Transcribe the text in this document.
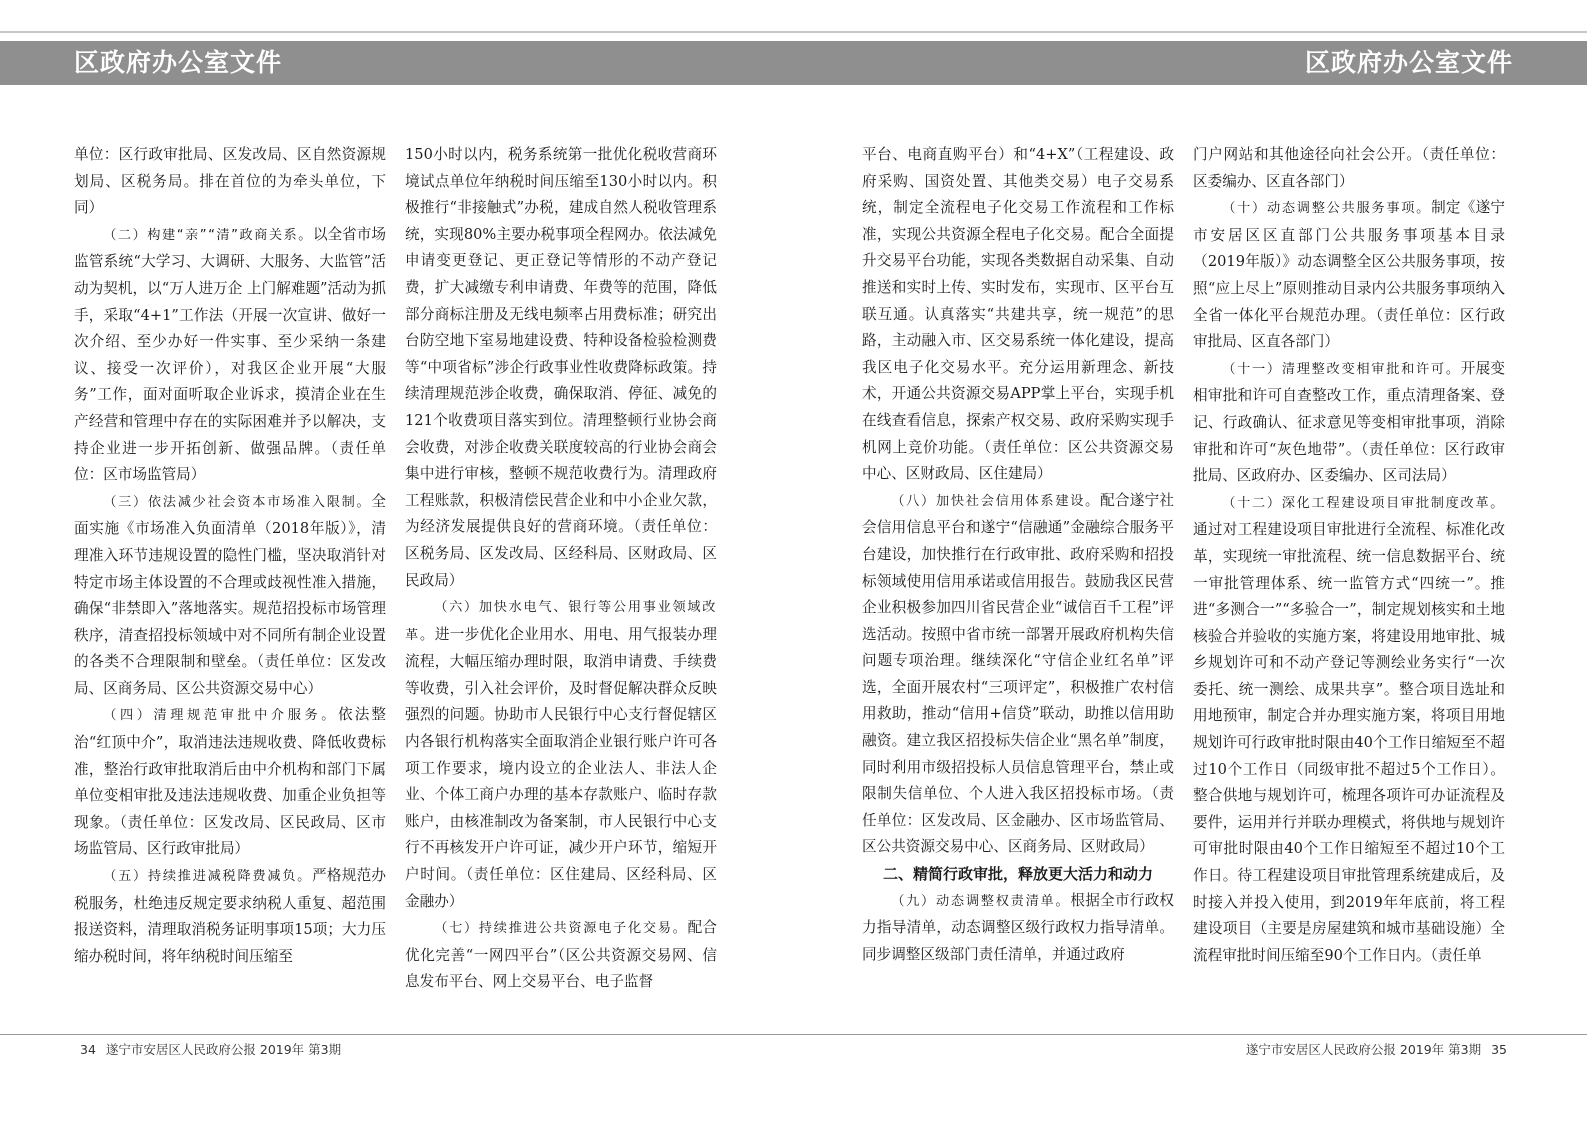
区政府办公室文件	区政府办公室文件

单位：区行政审批局、区发改局、区自然资源规划局、区税务局。排在首位的为牵头单位，下同）

（二）构建“亲”“清”政商关系。以全省市场监管系统“大学习、大调研、大服务、大监管”活动为契机，以“万人进万企 上门解难题”活动为抓手，采取“4+1”工作法（开展一次宣讲、做好一次介绍、至少办好一件实事、至少采纳一条建议、接受一次评价），对我区企业开展“大服务”工作，面对面听取企业诉求，摸清企业在生产经营和管理中存在的实际困难并予以解决，支持企业进一步开拓创新、做强品牌。（责任单位：区市场监管局）

（三）依法减少社会资本市场准入限制。全面实施《市场准入负面清单（2018年版）》，清理准入环节违规设置的隐性门槛，坚决取消针对特定市场主体设置的不合理或歧视性准入措施，确保“非禁即入”落地落实。规范招投标市场管理秩序，清查招投标领域中对不同所有制企业设置的各类不合理限制和壁垒。（责任单位：区发改局、区商务局、区公共资源交易中心）

（四）清理规范审批中介服务。依法整治“红顶中介”，取消违法违规收费、降低收费标准，整治行政审批取消后由中介机构和部门下属单位变相审批及违法违规收费、加重企业负担等现象。（责任单位：区发改局、区民政局、区市场监管局、区行政审批局）

（五）持续推进减税降费减负。严格规范办税服务，杜绝违反规定要求纳税人重复、超范围报送资料，清理取消税务证明事项15项；大力压缩办税时间，将年纳税时间压缩至

150小时以内，税务系统第一批优化税收营商环境试点单位年纳税时间压缩至130小时以内。积极推行“非接触式”办税，建成自然人税收管理系统，实现80%主要办税事项全程网办。依法减免申请变更登记、更正登记等情形的不动产登记费，扩大减缴专利申请费、年费等的范围，降低部分商标注册及无线电频率占用费标准；研究出台防空地下室易地建设费、特种设备检验检测费等“中项省标”涉企行政事业性收费降标政策。持续清理规范涉企收费，确保取消、停征、减免的121个收费项目落实到位。清理整顿行业协会商会收费，对涉企收费关联度较高的行业协会商会集中进行审核，整顿不规范收费行为。清理政府工程账款，积极清偿民营企业和中小企业欠款，为经济发展提供良好的营商环境。（责任单位：区税务局、区发改局、区经科局、区财政局、区民政局）

（六）加快水电气、银行等公用事业领域改革。进一步优化企业用水、用电、用气报装办理流程，大幅压缩办理时限，取消申请费、手续费等收费，引入社会评价，及时督促解决群众反映强烈的问题。协助市人民银行中心支行督促辖区内各银行机构落实全面取消企业银行账户许可各项工作要求，境内设立的企业法人、非法人企业、个体工商户办理的基本存款账户、临时存款账户，由核准制改为备案制，市人民银行中心支行不再核发开户许可证，减少开户环节，缩短开户时间。（责任单位：区住建局、区经科局、区金融办）

（七）持续推进公共资源电子化交易。配合优化完善“一网四平台”（区公共资源交易网、信息发布平台、网上交易平台、电子监督

平台、电商直购平台）和“4+X”（工程建设、政府采购、国资处置、其他类交易）电子交易系统，制定全流程电子化交易工作流程和工作标准，实现公共资源全程电子化交易。配合全面提升交易平台功能，实现各类数据自动采集、自动推送和实时上传、实时发布，实现市、区平台互联互通。认真落实“共建共享，统一规范”的思路，主动融入市、区交易系统一体化建设，提高我区电子化交易水平。充分运用新理念、新技术，开通公共资源交易APP掌上平台，实现手机在线查看信息，探索产权交易、政府采购实现手机网上竞价功能。（责任单位：区公共资源交易中心、区财政局、区住建局）

（八）加快社会信用体系建设。配合遂宁社会信用信息平台和遂宁“信融通”金融综合服务平台建设，加快推行在行政审批、政府采购和招投标领域使用信用承诺或信用报告。鼓励我区民营企业积极参加四川省民营企业“诚信百千工程”评选活动。按照中省市统一部署开展政府机构失信问题专项治理。继续深化“守信企业红名单”评选，全面开展农村“三项评定”，积极推广农村信用救助，推动“信用+信贷”联动，助推以信用助融资。建立我区招投标失信企业“黑名单”制度，同时利用市级招投标人员信息管理平台，禁止或限制失信单位、个人进入我区招投标市场。（责任单位：区发改局、区金融办、区市场监管局、区公共资源交易中心、区商务局、区财政局）

二、精简行政审批，释放更大活力和动力

（九）动态调整权责清单。根据全市行政权力指导清单，动态调整区级行政权力指导清单。同步调整区级部门责任清单，并通过政府

门户网站和其他途径向社会公开。（责任单位：区委编办、区直各部门）

（十）动态调整公共服务事项。制定《遂宁市安居区区直部门公共服务事项基本目录（2019年版）》动态调整全区公共服务事项，按照“应上尽上”原则推动目录内公共服务事项纳入全省一体化平台规范办理。（责任单位：区行政审批局、区直各部门）

（十一）清理整改变相审批和许可。开展变相审批和许可自查整改工作，重点清理备案、登记、行政确认、征求意见等变相审批事项，消除审批和许可“灰色地带”。（责任单位：区行政审批局、区政府办、区委编办、区司法局）

（十二）深化工程建设项目审批制度改革。通过对工程建设项目审批进行全流程、标准化改革，实现统一审批流程、统一信息数据平台、统一审批管理体系、统一监管方式“四统一”。推进“多测合一”“多验合一”，制定规划核实和土地核验合并验收的实施方案，将建设用地审批、城乡规划许可和不动产登记等测绘业务实行“一次委托、统一测绘、成果共享”。整合项目选址和用地预审，制定合并办理实施方案，将项目用地规划许可行政审批时限由40个工作日缩短至不超过10个工作日（同级审批不超过5个工作日）。整合供地与规划许可，梳理各项许可办证流程及要件，运用并行并联办理模式，将供地与规划许可审批时限由40个工作日缩短至不超过10个工作日。待工程建设项目审批管理系统建成后，及时接入并投入使用，到2019年年底前，将工程建设项目（主要是房屋建筑和城市基础设施）全流程审批时间压缩至90个工作日内。（责任单

34 遂宁市安居区人民政府公报 2019年 第3期	遂宁市安居区人民政府公报 2019年 第3期 35
